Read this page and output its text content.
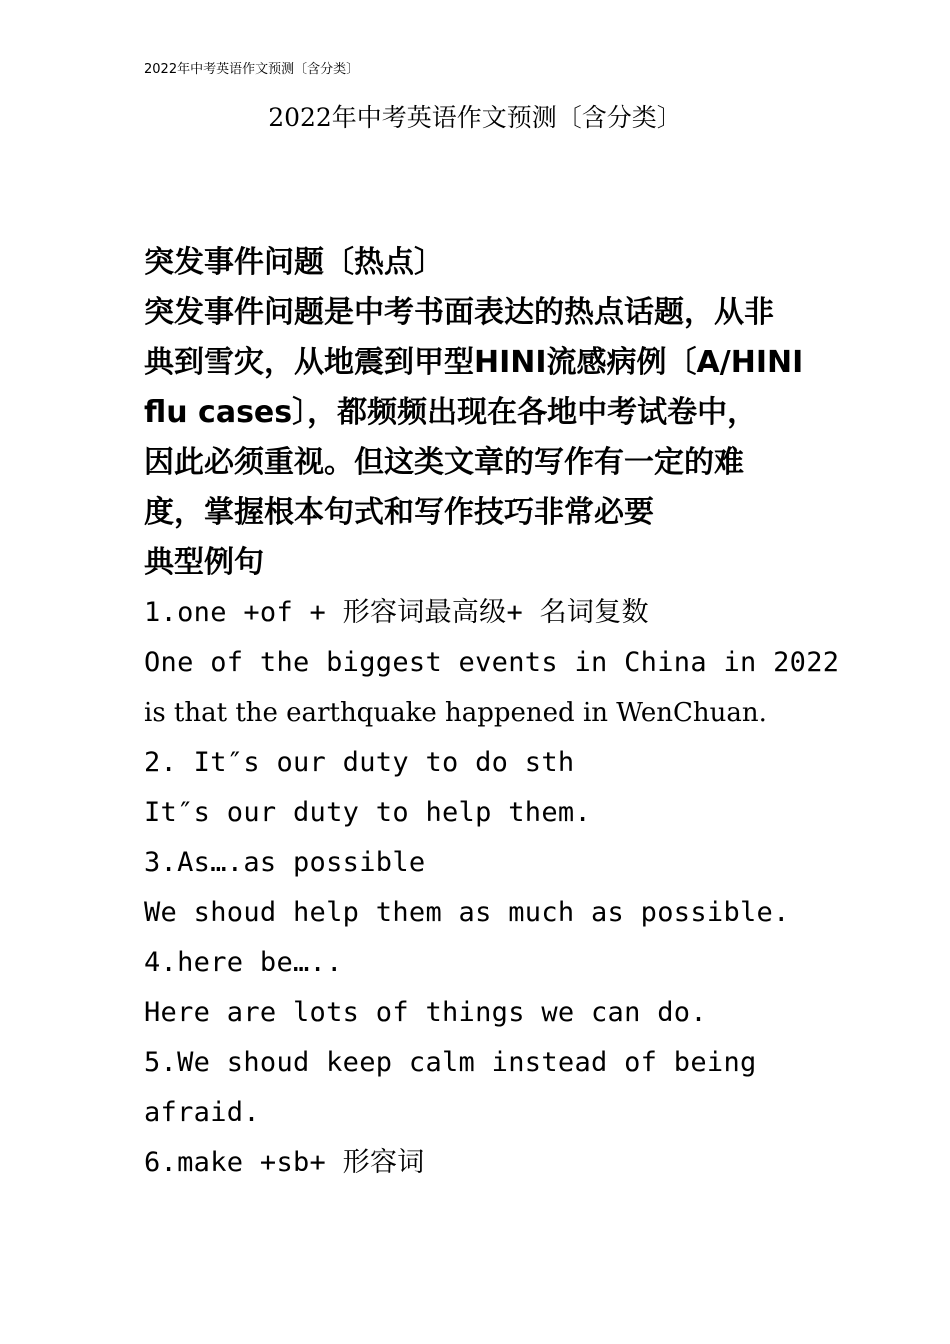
2022年中考英语作文预测〔含分类〕
2022年中考英语作文预测〔含分类〕
突发事件问题〔热点〕
突发事件问题是中考书面表达的热点话题，从非
典到雪灾，从地震到甲型HINI流感病例〔A/HINI
flu cases〕，都频频出现在各地中考试卷中，
因此必须重视。但这类文章的写作有一定的难
度，掌握根本句式和写作技巧非常必要
典型例句
1.one +of + 形容词最高级+ 名词复数
One of the biggest events in China in 2022
is that the earthquake happened in WenChuan.
2. It″s our duty to do sth
It″s our duty to help them.
3.As….as possible
We shoud help them as much as possible.
4.here be…..
Here are lots of things we can do.
5.We shoud keep calm instead of being
afraid.
6.make +sb+ 形容词
